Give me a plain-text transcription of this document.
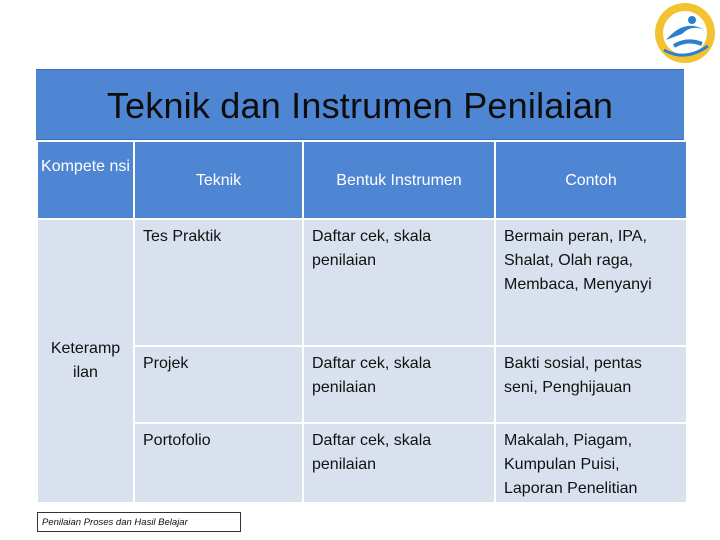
Teknik dan Instrumen Penilaian
Kompete nsi	Teknik	Bentuk Instrumen	Contoh

Keteramp ilan	Tes Praktik	Daftar cek, skala penilaian	Bermain peran, IPA, Shalat, Olah raga, Membaca, Menyanyi
	Projek	Daftar cek, skala penilaian	Bakti sosial, pentas seni, Penghijauan
	Portofolio	Daftar cek, skala penilaian	Makalah, Piagam, Kumpulan Puisi, Laporan Penelitian
Penilaian Proses dan Hasil Belajar
